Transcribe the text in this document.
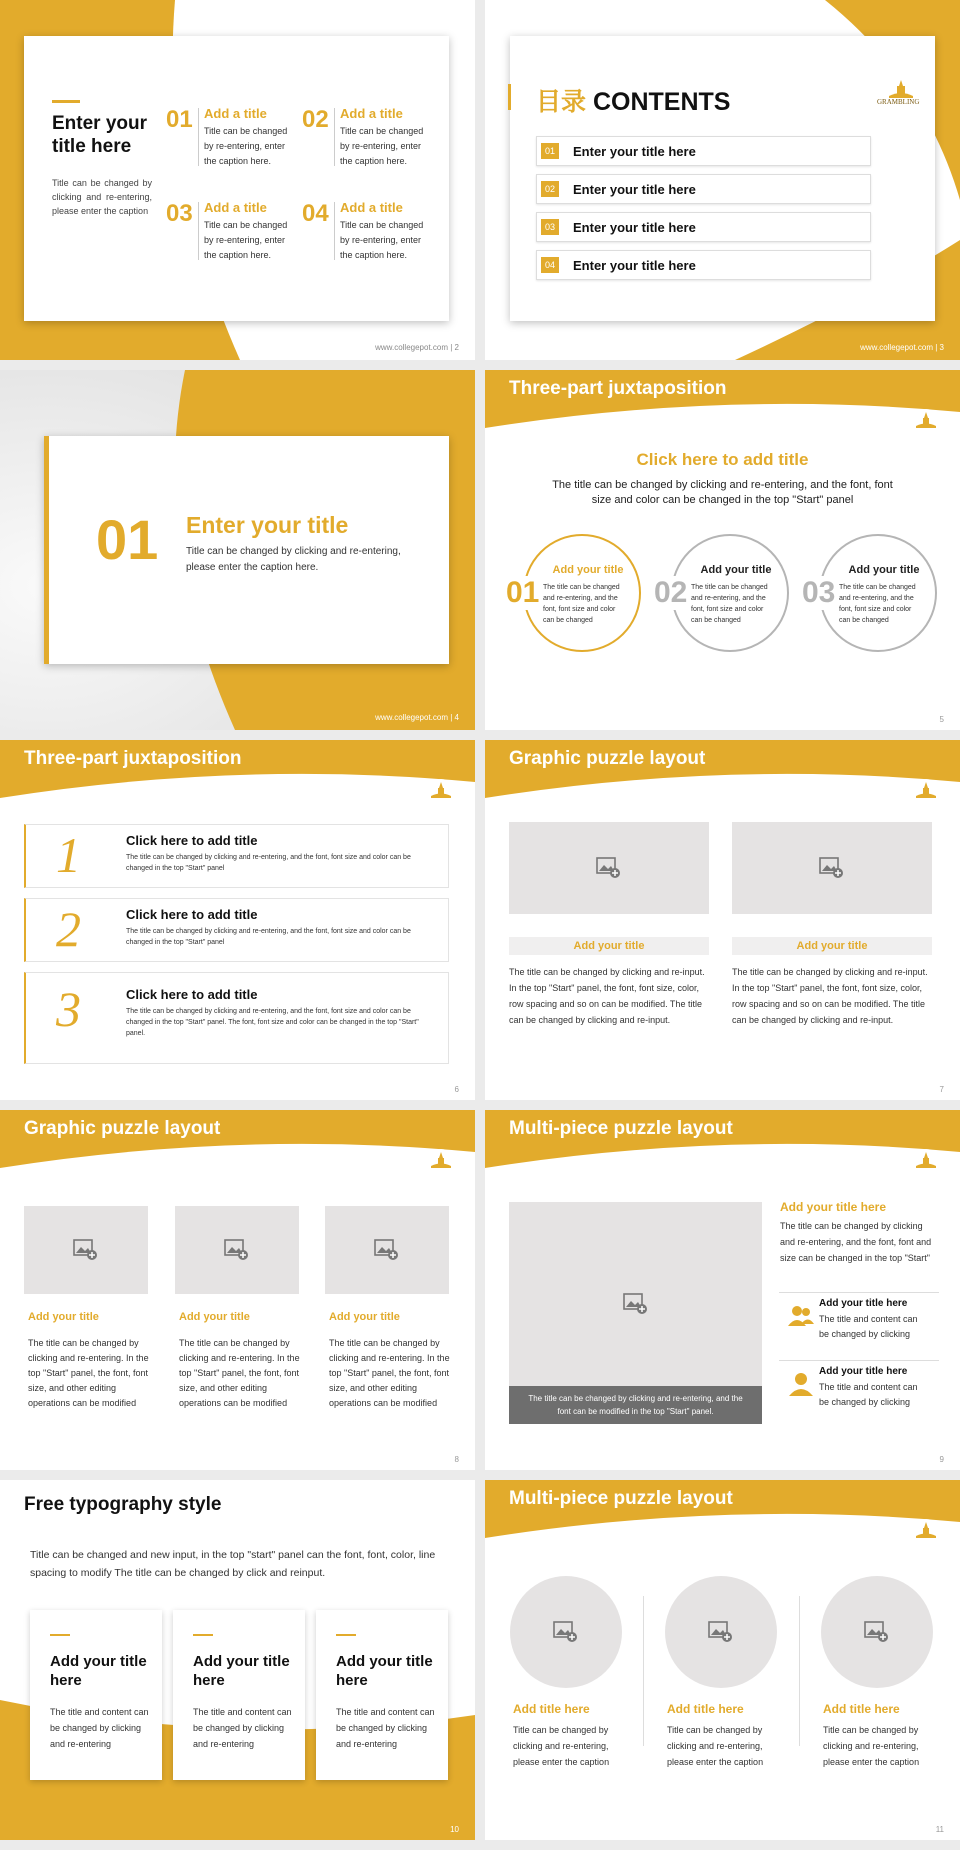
Enter your title here
Title can be changed by clicking and re-entering, please enter the caption
01 Add a title
Title can be changed by re-entering, enter the caption here.
02 Add a title
Title can be changed by re-entering, enter the caption here.
03 Add a title
Title can be changed by re-entering, enter the caption here.
04 Add a title
Title can be changed by re-entering, enter the caption here.
www.collegepot.com | 2
目录 CONTENTS	GRAMBLING
01	Enter your title here
02	Enter your title here
03	Enter your title here
04	Enter your title here
www.collegepot.com | 3
01 Enter your title
Title can be changed by clicking and re-entering, please enter the caption here.
www.collegepot.com | 4
Three-part juxtaposition
Click here to add title
The title can be changed by clicking and re-entering, and the font, font size and color can be changed in the top "Start" panel
01
Add your title
The title can be changed and re-entering, and the font, font size and color can be changed
02
Add your title
The title can be changed and re-entering, and the font, font size and color can be changed
03
Add your title
The title can be changed and re-entering, and the font, font size and color can be changed
5
Three-part juxtaposition
1	Click here to add title
The title can be changed by clicking and re-entering, and the font, font size and color can be changed in the top "Start" panel
2	Click here to add title
The title can be changed by clicking and re-entering, and the font, font size and color can be changed in the top "Start" panel
3	Click here to add title
The title can be changed by clicking and re-entering, and the font, font size and color can be changed in the top "Start" panel. The font, font size and color can be changed in the top "Start" panel.
6
Graphic puzzle layout
Add your title	Add your title
The title can be changed by clicking and re-input. In the top "Start" panel, the font, font size, color, row spacing and so on can be modified. The title can be changed by clicking and re-input.
The title can be changed by clicking and re-input. In the top "Start" panel, the font, font size, color, row spacing and so on can be modified. The title can be changed by clicking and re-input.
7
Graphic puzzle layout
Add your title	Add your title	Add your title
The title can be changed by clicking and re-entering. In the top "Start" panel, the font, font size, and other editing operations can be modified
The title can be changed by clicking and re-entering. In the top "Start" panel, the font, font size, and other editing operations can be modified
The title can be changed by clicking and re-entering. In the top "Start" panel, the font, font size, and other editing operations can be modified
8
Multi-piece puzzle layout
The title can be changed by clicking and re-entering, and the font can be modified in the top "Start" panel.
Add your title here
The title can be changed by clicking and re-entering, and the font, font and size can be changed in the top "Start"
Add your title here
The title and content can be changed by clicking
Add your title here
The title and content can be changed by clicking
9
Free typography style
Title can be changed and new input, in the top "start" panel can the font, font, color, line spacing to modify The title can be changed by click and reinput.
Add your title here
The title and content can be changed by clicking and re-entering
Add your title here
The title and content can be changed by clicking and re-entering
Add your title here
The title and content can be changed by clicking and re-entering
10
Multi-piece puzzle layout
Add title here	Add title here	Add title here
Title can be changed by clicking and re-entering, please enter the caption
Title can be changed by clicking and re-entering, please enter the caption
Title can be changed by clicking and re-entering, please enter the caption
11
